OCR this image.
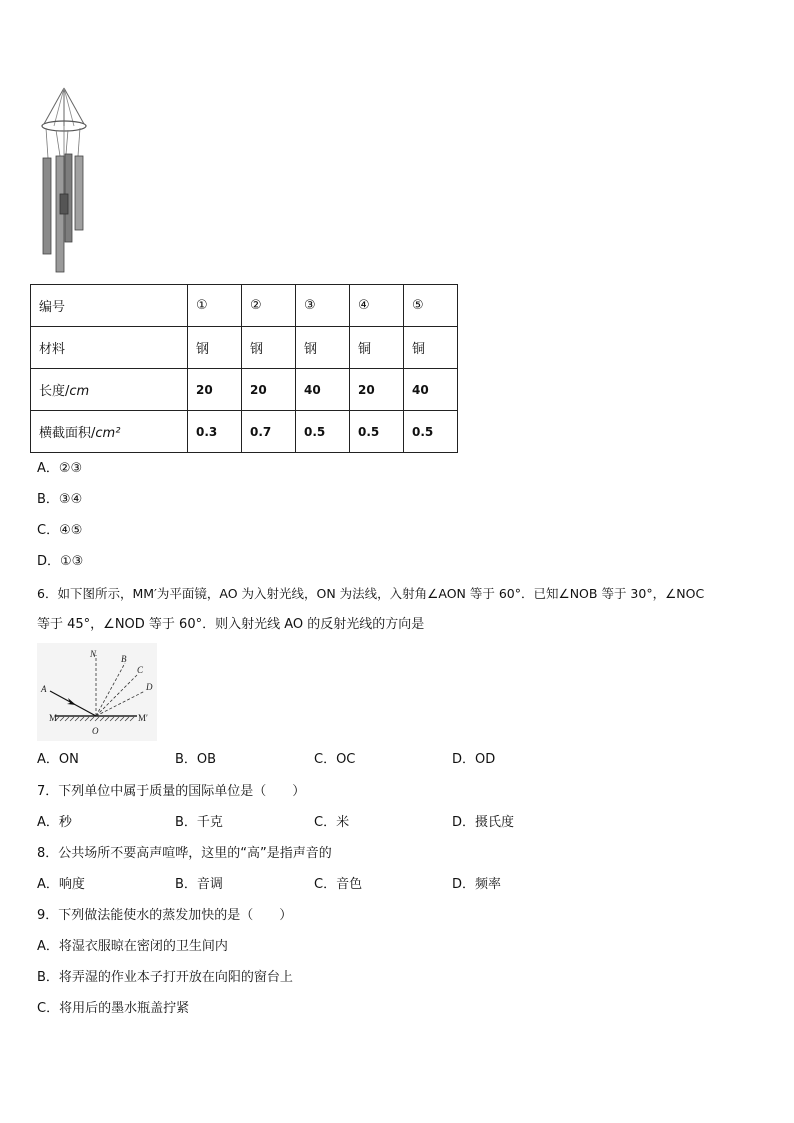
编号	①	②	③	④	⑤
材料	钢	钢	钢	铜	铜
长度/cm	20	20	40	20	40
横截面积/cm²	0.3	0.7	0.5	0.5	0.5
A．②③
B．③④
C．④⑤
D．①③
6．如下图所示，MM′为平面镜，AO 为入射光线，ON 为法线，入射角∠AON 等于 60°．已知∠NOB 等于 30°，∠NOC
等于 45°，∠NOD 等于 60°．则入射光线 AO 的反射光线的方向是
N	B
C
D
A
M	M′
O
A．ON	B．OB	C．OC	D．OD
7．下列单位中属于质量的国际单位是（　　）
A．秒	B．千克	C．米	D．摄氏度
8．公共场所不要高声喧哗，这里的“高”是指声音的
A．响度	B．音调	C．音色	D．频率
9．下列做法能使水的蒸发加快的是（　　）
A．将湿衣服晾在密闭的卫生间内
B．将弄湿的作业本子打开放在向阳的窗台上
C．将用后的墨水瓶盖拧紧
